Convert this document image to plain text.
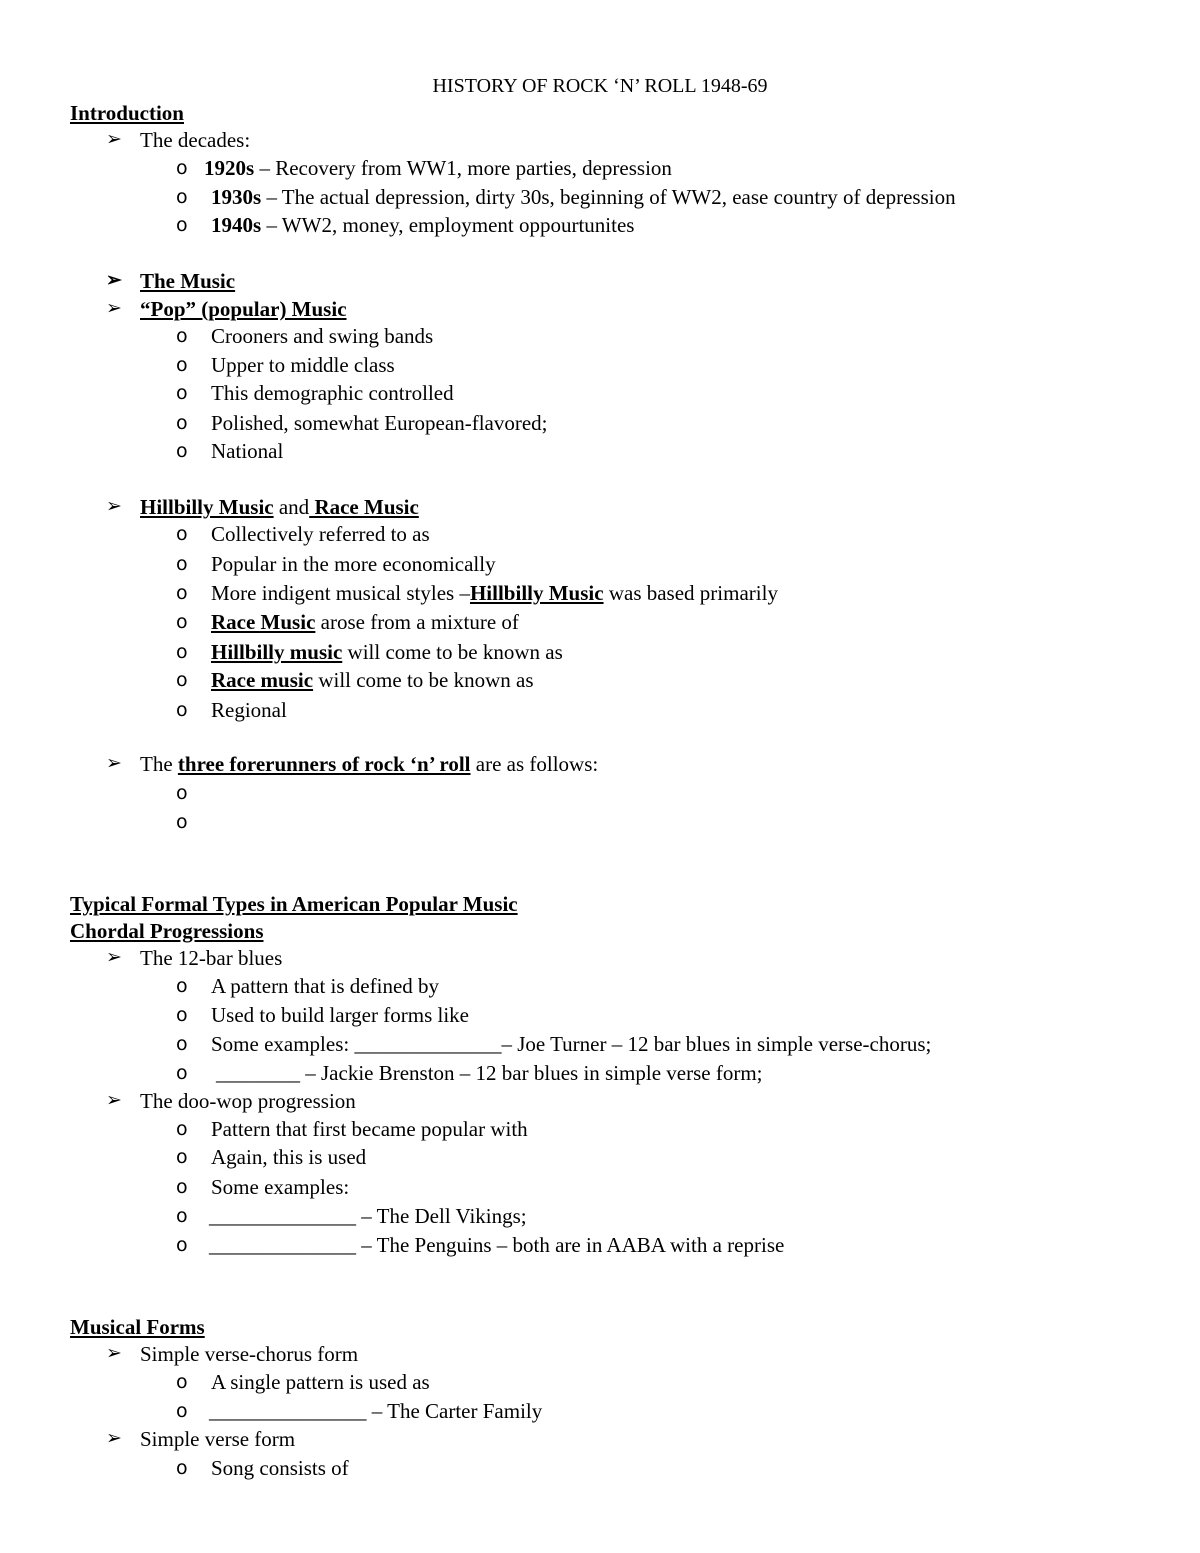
HISTORY OF ROCK ‘N’ ROLL 1948-69
Introduction
➢ The decades:
o 1920s – Recovery from WW1, more parties, depression
o 1930s – The actual depression, dirty 30s, beginning of WW2, ease country of depression
o 1940s – WW2, money, employment oppourtunites
➢ The Music
➢ “Pop” (popular) Music
o Crooners and swing bands
o Upper to middle class
o This demographic controlled
o Polished, somewhat European-flavored;
o National
➢ Hillbilly Music and Race Music
o Collectively referred to as
o Popular in the more economically
o More indigent musical styles –Hillbilly Music was based primarily
o Race Music arose from a mixture of
o Hillbilly music will come to be known as
o Race music will come to be known as
o Regional
➢ The three forerunners of rock ‘n’ roll are as follows:
o
o
Typical Formal Types in American Popular Music
Chordal Progressions
➢ The 12-bar blues
o A pattern that is defined by
o Used to build larger forms like
o Some examples: ______________– Joe Turner – 12 bar blues in simple verse-chorus;
o ________ – Jackie Brenston – 12 bar blues in simple verse form;
➢ The doo-wop progression
o Pattern that first became popular with
o Again, this is used
o Some examples:
o ______________ – The Dell Vikings;
o ______________ – The Penguins – both are in AABA with a reprise
Musical Forms
➢ Simple verse-chorus form
o A single pattern is used as
o _______________ – The Carter Family
➢ Simple verse form
o Song consists of
